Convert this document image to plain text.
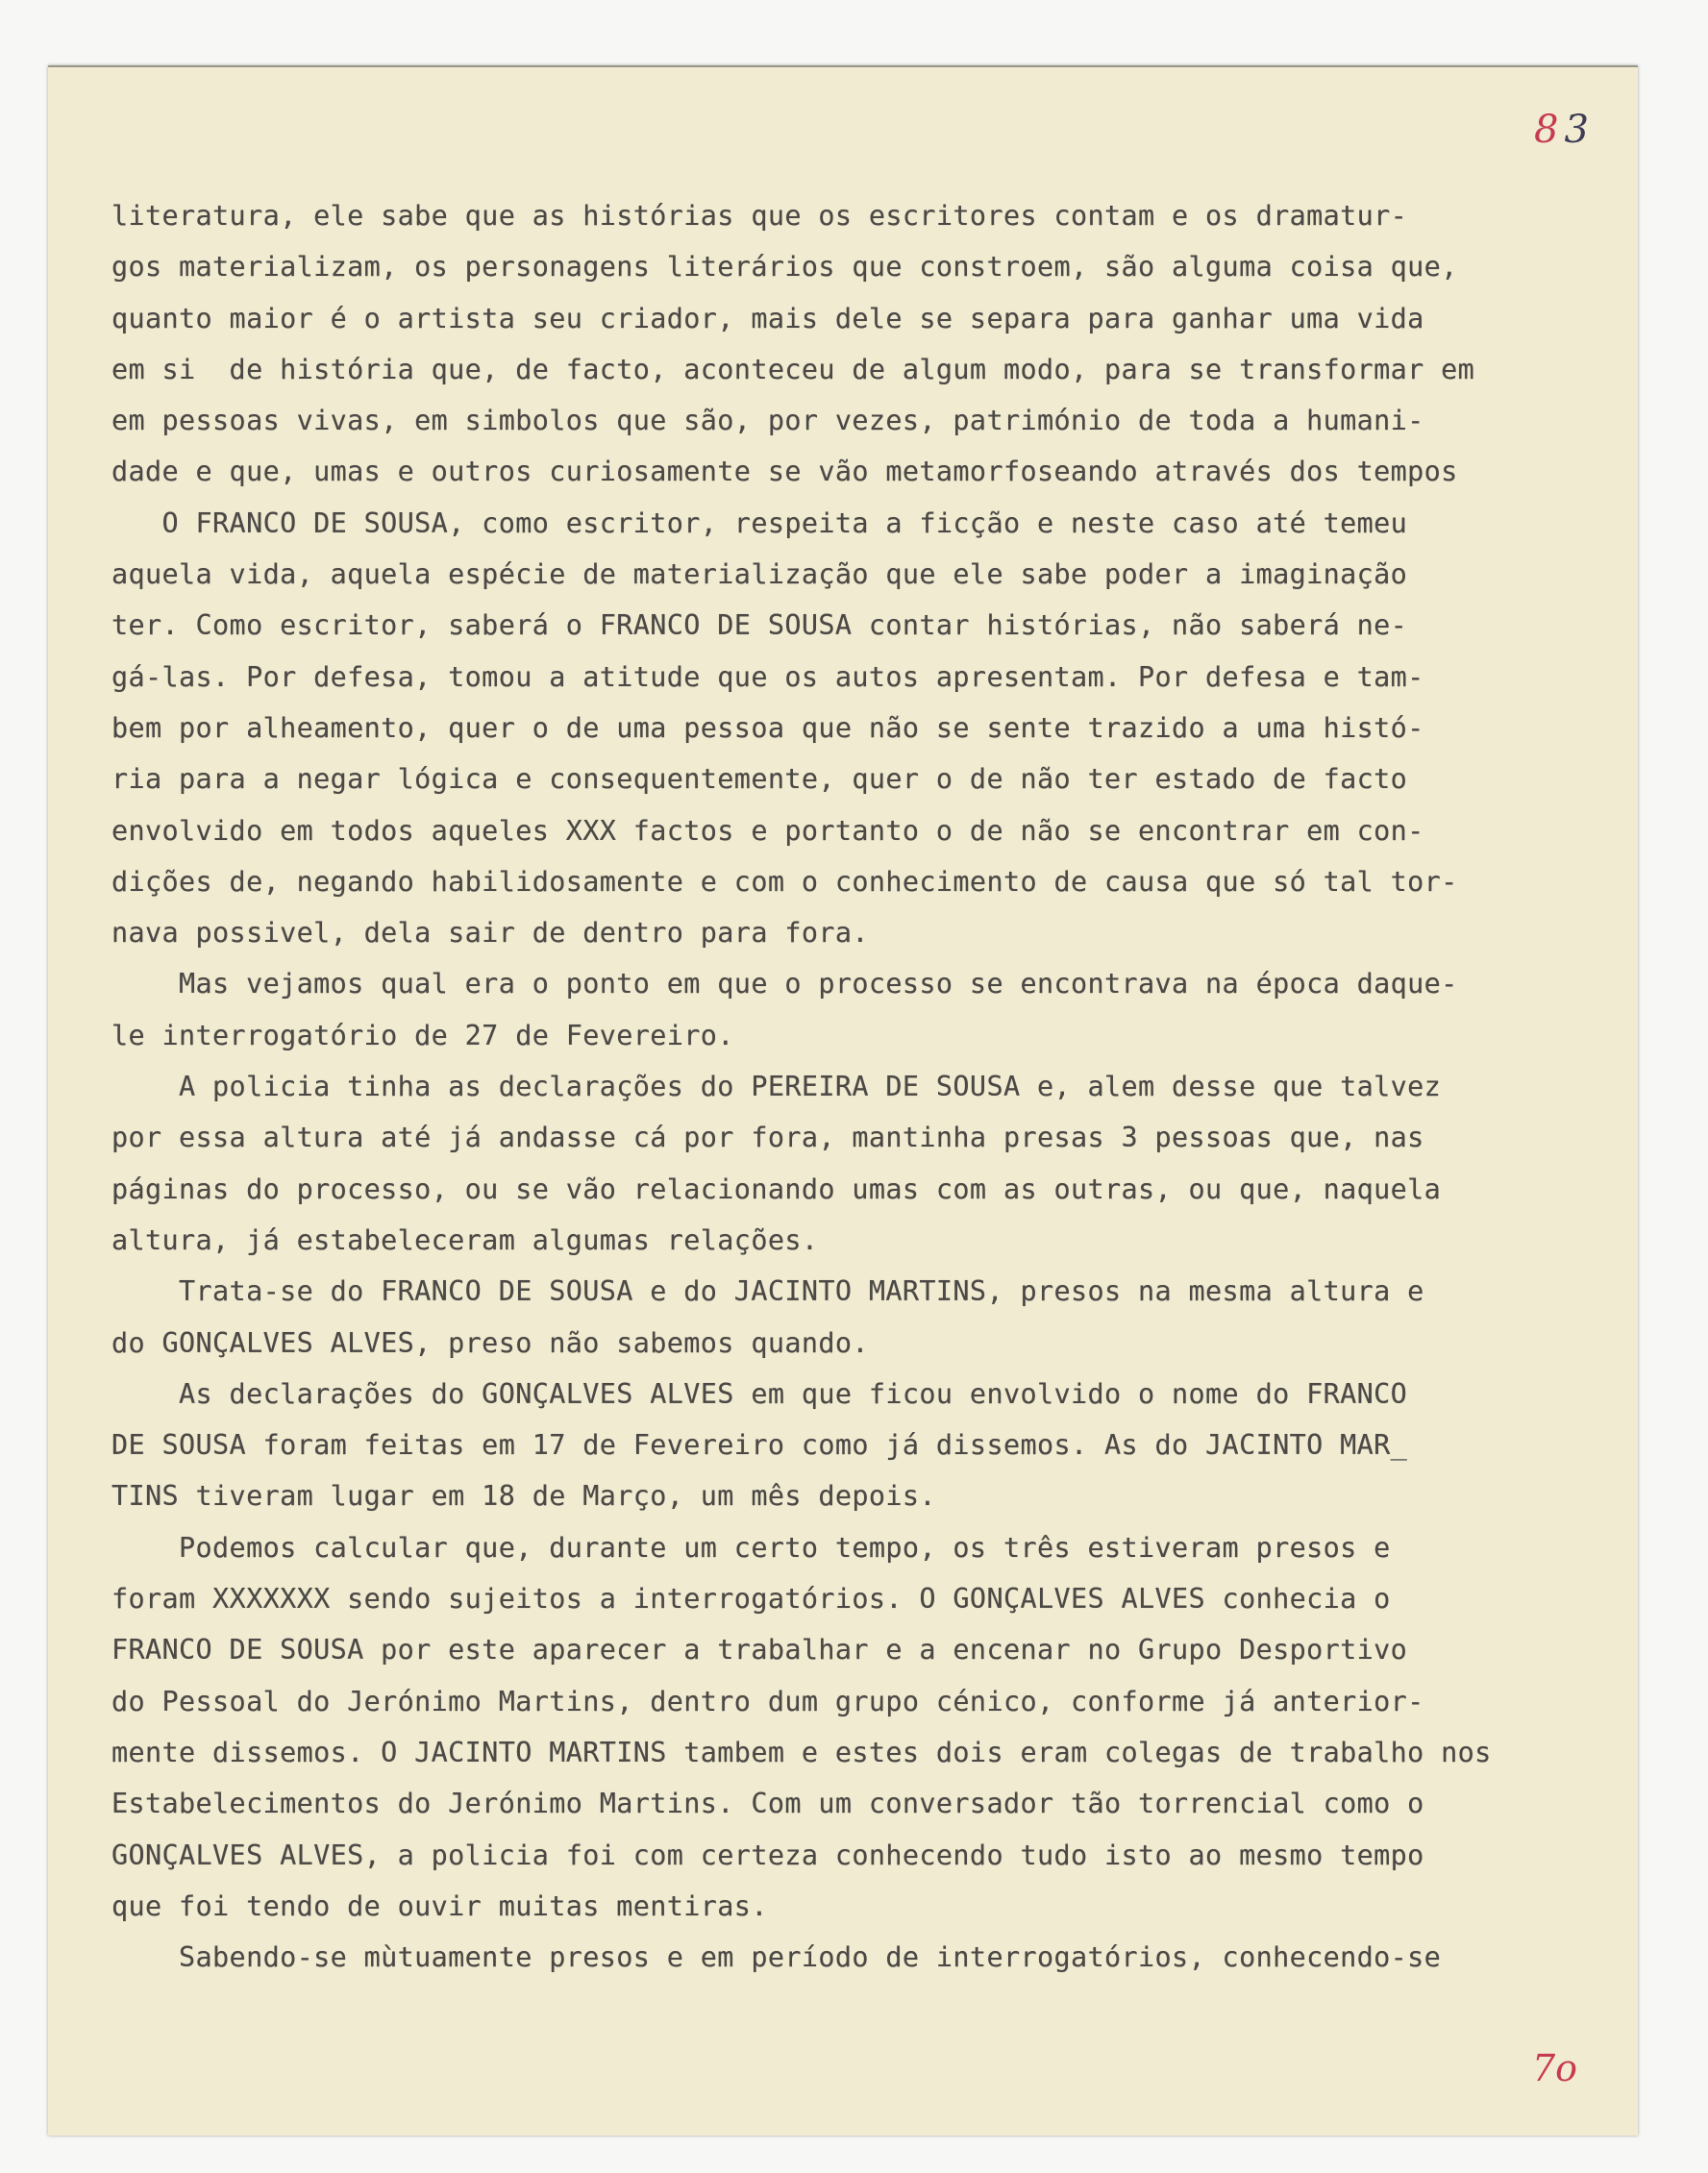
83
literatura, ele sabe que as histórias que os escritores contam e os dramatur-
gos materializam, os personagens literários que constroem, são alguma coisa que,
quanto maior é o artista seu criador, mais dele se separa para ganhar uma vida
em si  de história que, de facto, aconteceu de algum modo, para se transformar em
em pessoas vivas, em simbolos que são, por vezes, património de toda a humani-
dade e que, umas e outros curiosamente se vão metamorfoseando através dos tempos
O FRANCO DE SOUSA, como escritor, respeita a ficção e neste caso até temeu
aquela vida, aquela espécie de materialização que ele sabe poder a imaginação
ter. Como escritor, saberá o FRANCO DE SOUSA contar histórias, não saberá ne-
gá-las. Por defesa, tomou a atitude que os autos apresentam. Por defesa e tam-
bem por alheamento, quer o de uma pessoa que não se sente trazido a uma histó-
ria para a negar lógica e consequentemente, quer o de não ter estado de facto
envolvido em todos aqueles XXX factos e portanto o de não se encontrar em con-
dições de, negando habilidosamente e com o conhecimento de causa que só tal tor-
nava possivel, dela sair de dentro para fora.
Mas vejamos qual era o ponto em que o processo se encontrava na época daque-
le interrogatório de 27 de Fevereiro.
A policia tinha as declarações do PEREIRA DE SOUSA e, alem desse que talvez
por essa altura até já andasse cá por fora, mantinha presas 3 pessoas que, nas
páginas do processo, ou se vão relacionando umas com as outras, ou que, naquela
altura, já estabeleceram algumas relações.
Trata-se do FRANCO DE SOUSA e do JACINTO MARTINS, presos na mesma altura e
do GONÇALVES ALVES, preso não sabemos quando.
As declarações do GONÇALVES ALVES em que ficou envolvido o nome do FRANCO
DE SOUSA foram feitas em 17 de Fevereiro como já dissemos. As do JACINTO MAR_
TINS tiveram lugar em 18 de Março, um mês depois.
Podemos calcular que, durante um certo tempo, os três estiveram presos e
foram XXXXXXX sendo sujeitos a interrogatórios. O GONÇALVES ALVES conhecia o
FRANCO DE SOUSA por este aparecer a trabalhar e a encenar no Grupo Desportivo
do Pessoal do Jerónimo Martins, dentro dum grupo cénico, conforme já anterior-
mente dissemos. O JACINTO MARTINS tambem e estes dois eram colegas de trabalho nos
Estabelecimentos do Jerónimo Martins. Com um conversador tão torrencial como o
GONÇALVES ALVES, a policia foi com certeza conhecendo tudo isto ao mesmo tempo
que foi tendo de ouvir muitas mentiras.
Sabendo-se mùtuamente presos e em período de interrogatórios, conhecendo-se
7o
